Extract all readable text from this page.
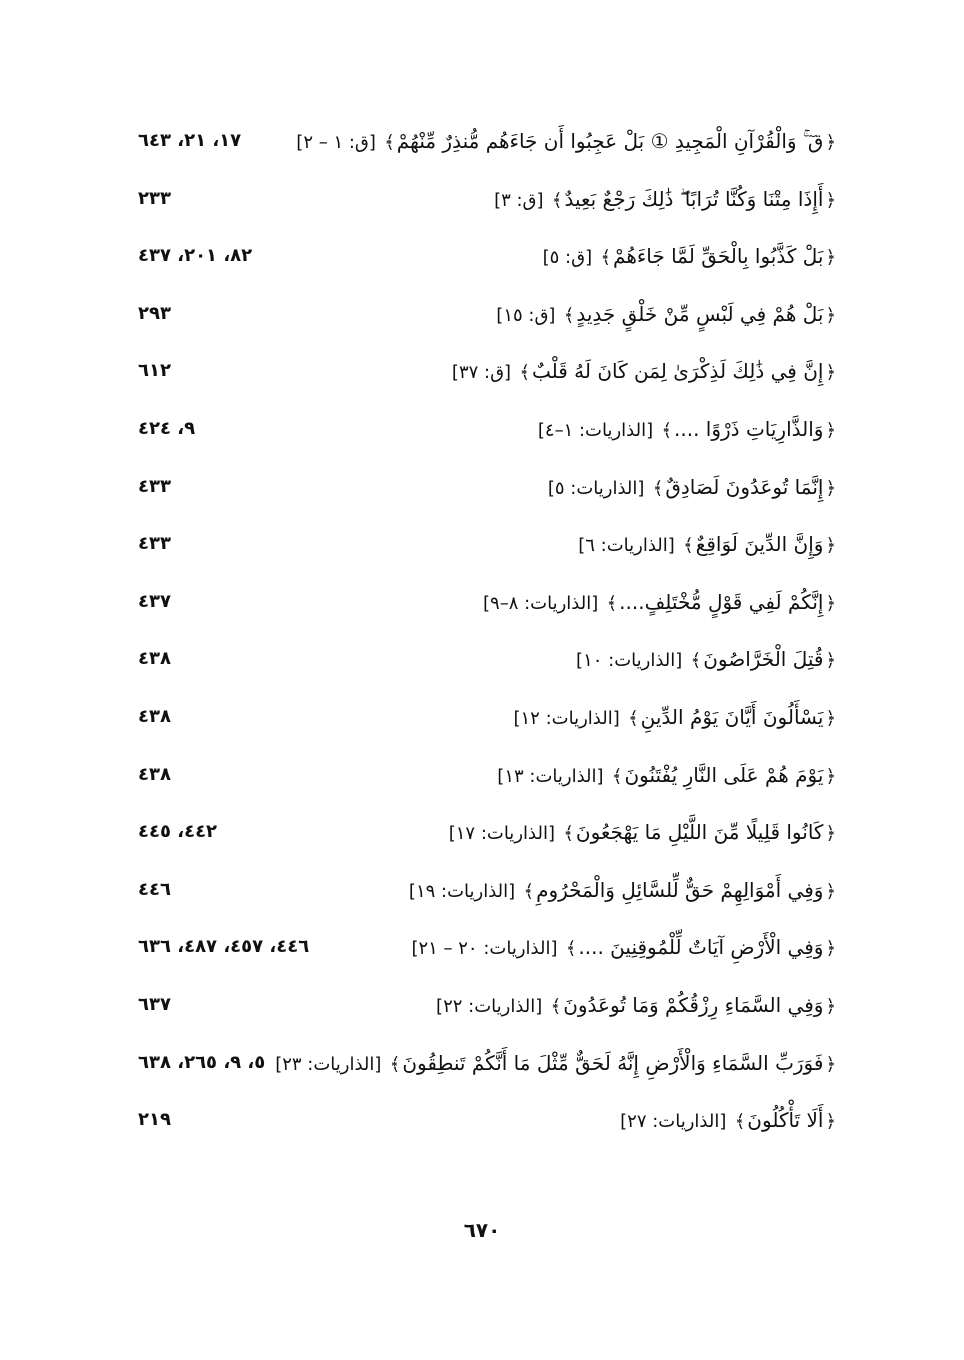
﴿قٓ ۚ وَالْقُرْآنِ الْمَجِيدِ ① بَلْ عَجِبُوا أَن جَاءَهُم مُّنذِرٌ مِّنْهُمْ﴾ [ق: ١ – ٢]
١٧، ٢١، ٦٤٣
﴿أَإِذَا مِتْنَا وَكُنَّا تُرَابًا ۖ ذَٰلِكَ رَجْعٌ بَعِيدٌ﴾ [ق: ٣]
٢٣٣
﴿بَلْ كَذَّبُوا بِالْحَقِّ لَمَّا جَاءَهُمْ﴾ [ق: ٥]
٨٢، ٢٠١، ٤٣٧
﴿بَلْ هُمْ فِي لَبْسٍ مِّنْ خَلْقٍ جَدِيدٍ﴾ [ق: ١٥]
٢٩٣
﴿إِنَّ فِي ذَٰلِكَ لَذِكْرَىٰ لِمَن كَانَ لَهُ قَلْبٌ﴾ [ق: ٣٧]
٦١٢
﴿وَالذَّارِيَاتِ ذَرْوًا ....﴾ [الذاريات: ١–٤]
٩، ٤٢٤
﴿إِنَّمَا تُوعَدُونَ لَصَادِقٌ﴾ [الذاريات: ٥]
٤٣٣
﴿وَإِنَّ الدِّينَ لَوَاقِعٌ﴾ [الذاريات: ٦]
٤٣٣
﴿إِنَّكُمْ لَفِي قَوْلٍ مُّخْتَلِفٍ....﴾ [الذاريات: ٨–٩]
٤٣٧
﴿قُتِلَ الْخَرَّاصُونَ﴾ [الذاريات: ١٠]
٤٣٨
﴿يَسْأَلُونَ أَيَّانَ يَوْمُ الدِّينِ﴾ [الذاريات: ١٢]
٤٣٨
﴿يَوْمَ هُمْ عَلَى النَّارِ يُفْتَنُونَ﴾ [الذاريات: ١٣]
٤٣٨
﴿كَانُوا قَلِيلًا مِّنَ اللَّيْلِ مَا يَهْجَعُونَ﴾ [الذاريات: ١٧]
٤٤٢، ٤٤٥
﴿وَفِي أَمْوَالِهِمْ حَقٌّ لِّلسَّائِلِ وَالْمَحْرُومِ﴾ [الذاريات: ١٩]
٤٤٦
﴿وَفِي الْأَرْضِ آيَاتٌ لِّلْمُوقِنِينَ ....﴾ [الذاريات: ٢٠ – ٢١]
٤٤٦، ٤٥٧، ٤٨٧، ٦٣٦
﴿وَفِي السَّمَاءِ رِزْقُكُمْ وَمَا تُوعَدُونَ﴾ [الذاريات: ٢٢]
٦٣٧
﴿فَوَرَبِّ السَّمَاءِ وَالْأَرْضِ إِنَّهُ لَحَقٌّ مِّثْلَ مَا أَنَّكُمْ تَنطِقُونَ﴾ [الذاريات: ٢٣]
٥، ٩، ٢٦٥، ٦٣٨
﴿أَلَا تَأْكُلُونَ﴾ [الذاريات: ٢٧]
٢١٩
٦٧٠
